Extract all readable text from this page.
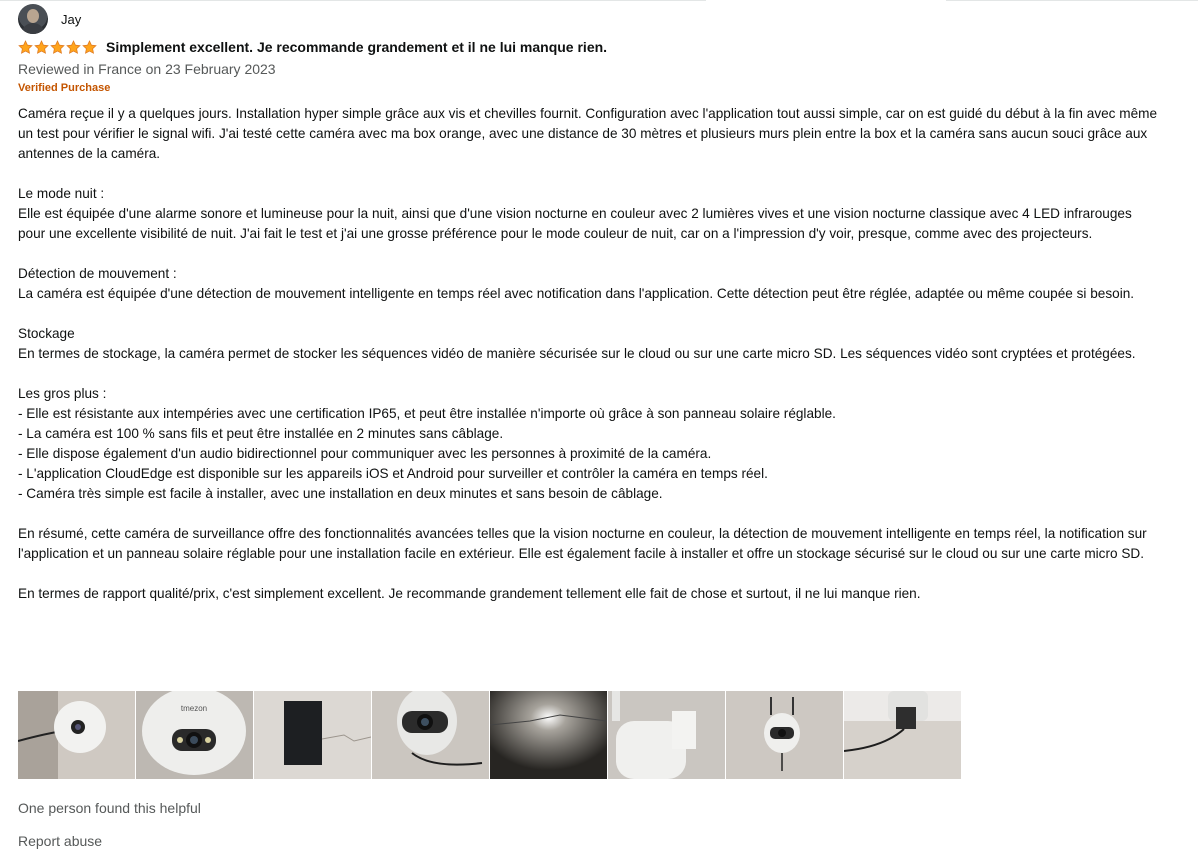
Jay
Simplement excellent. Je recommande grandement et il ne lui manque rien.
Reviewed in France on 23 February 2023
Verified Purchase

Caméra reçue il y a quelques jours. Installation hyper simple grâce aux vis et chevilles fournit. Configuration avec l'application tout aussi simple, car on est guidé du début à la fin avec même un test pour vérifier le signal wifi. J'ai testé cette caméra avec ma box orange, avec une distance de 30 mètres et plusieurs murs plein entre la box et la caméra sans aucun souci grâce aux antennes de la caméra.

Le mode nuit :

Elle est équipée d'une alarme sonore et lumineuse pour la nuit, ainsi que d'une vision nocturne en couleur avec 2 lumières vives et une vision nocturne classique avec 4 LED infrarouges pour une excellente visibilité de nuit. J'ai fait le test et j'ai une grosse préférence pour le mode couleur de nuit, car on a l'impression d'y voir, presque, comme avec des projecteurs.

Détection de mouvement :

La caméra est équipée d'une détection de mouvement intelligente en temps réel avec notification dans l'application. Cette détection peut être réglée, adaptée ou même coupée si besoin.

Stockage

En termes de stockage, la caméra permet de stocker les séquences vidéo de manière sécurisée sur le cloud ou sur une carte micro SD. Les séquences vidéo sont cryptées et protégées.

Les gros plus :

- Elle est résistante aux intempéries avec une certification IP65, et peut être installée n'importe où grâce à son panneau solaire réglable.

- La caméra est 100 % sans fils et peut être installée en 2 minutes sans câblage.

- Elle dispose également d'un audio bidirectionnel pour communiquer avec les personnes à proximité de la caméra.

- L'application CloudEdge est disponible sur les appareils iOS et Android pour surveiller et contrôler la caméra en temps réel.

- Caméra très simple est facile à installer, avec une installation en deux minutes et sans besoin de câblage.

En résumé, cette caméra de surveillance offre des fonctionnalités avancées telles que la vision nocturne en couleur, la détection de mouvement intelligente en temps réel, la notification sur l'application et un panneau solaire réglable pour une installation facile en extérieur. Elle est également facile à installer et offre un stockage sécurisé sur le cloud ou sur une carte micro SD.

En termes de rapport qualité/prix, c'est simplement excellent. Je recommande grandement tellement elle fait de chose et surtout, il ne lui manque rien.

tmezon
One person found this helpful
Report abuse
